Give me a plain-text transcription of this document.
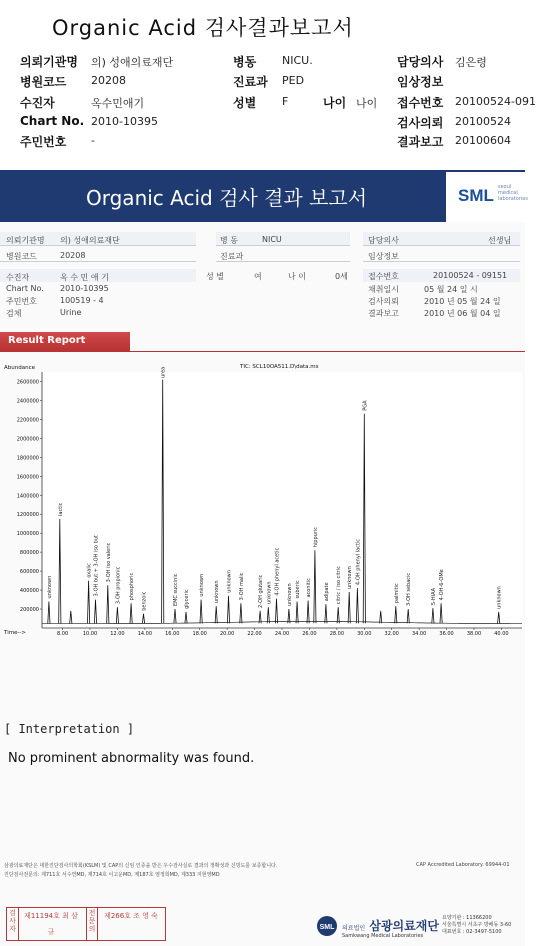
Organic Acid 검사결과보고서
의뢰기관명 의) 성애의료재단
병원코드 20208
수진자	옥수민애기
Chart No. 2010-10395
주민번호 -
병동 NICU.
진료과 PED
성별 F	나이 나이
담당의사 김은령
임상정보
접수번호 20100524-091
검사의뢰 20100524
결과보고 20100604
Organic Acid 검사 결과 보고서	SML seoul medical laboratories
의뢰기관명 의) 성애의료재단
병원코드	20208
병 동	NICU
진료과
담당의사	선생님
임상정보
수진자	옥 수 민 애 기
Chart No. 2010-10395
주민번호	100519 - 4
검체	Urine
성 별	여	나 이	0세	접수번호	20100524 - 09151
채취일시	05 월 24 일 시
검사의뢰	2010 년 05 월 24 일
결과보고	2010 년 06 월 04 일
Result Report
Abundance
Time-->
TIC: SCL10OA511.D\data.ms
200000
400000
600000
800000
1000000
1200000
1400000
1600000
1800000
2000000
2200000
2400000
2600000
8.00	10.00	12.00	14.00	16.00	18.00	20.00	22.00	24.00	26.00	28.00	30.00	32.00	34.00	36.00	38.00	40.00
unknown
lactic
oxalic 3-OH but + 3-OH iso but 3-OH iso valeric
3-OH propionic phosphoric
benzoic
urea
EMC succinic glyceric
unknown unknown unknown 3-OH malic	2-OH glutaric unknown 4-OH phenyl acetic unknown suberic aconitic
hippuric
adipate citric / iso citric unknown 4-OH phenyl lactic
PGA
palmitic 3-OH sebacic	5-HIAA 4-OH-6-OMe	unknown
[ Interpretation ]
No prominent abnormality was found.
삼광의료재단은 대한진단검사의학회(KSLM) 및 CAP의 신임 인증을 받은 우수검사실로 결과의 정확성과 신빙도를 보증합니다.
진단검사전문의: 제711호 서수연MD, 제714호 이고운MD, 제187호 염정희MD, 제333 지현영MD
CAP Accredited Laboratory. 69944-01
검사자
제11194호 최 삼 규
전문의
제266호 조 영 숙
SML 의료법인 삼광의료재단
Samkwang Medical Laboratories
요양기관 : 11366200
서울특별시 서초구 방배동 3-60
대표번호 : 02-3497-5100
